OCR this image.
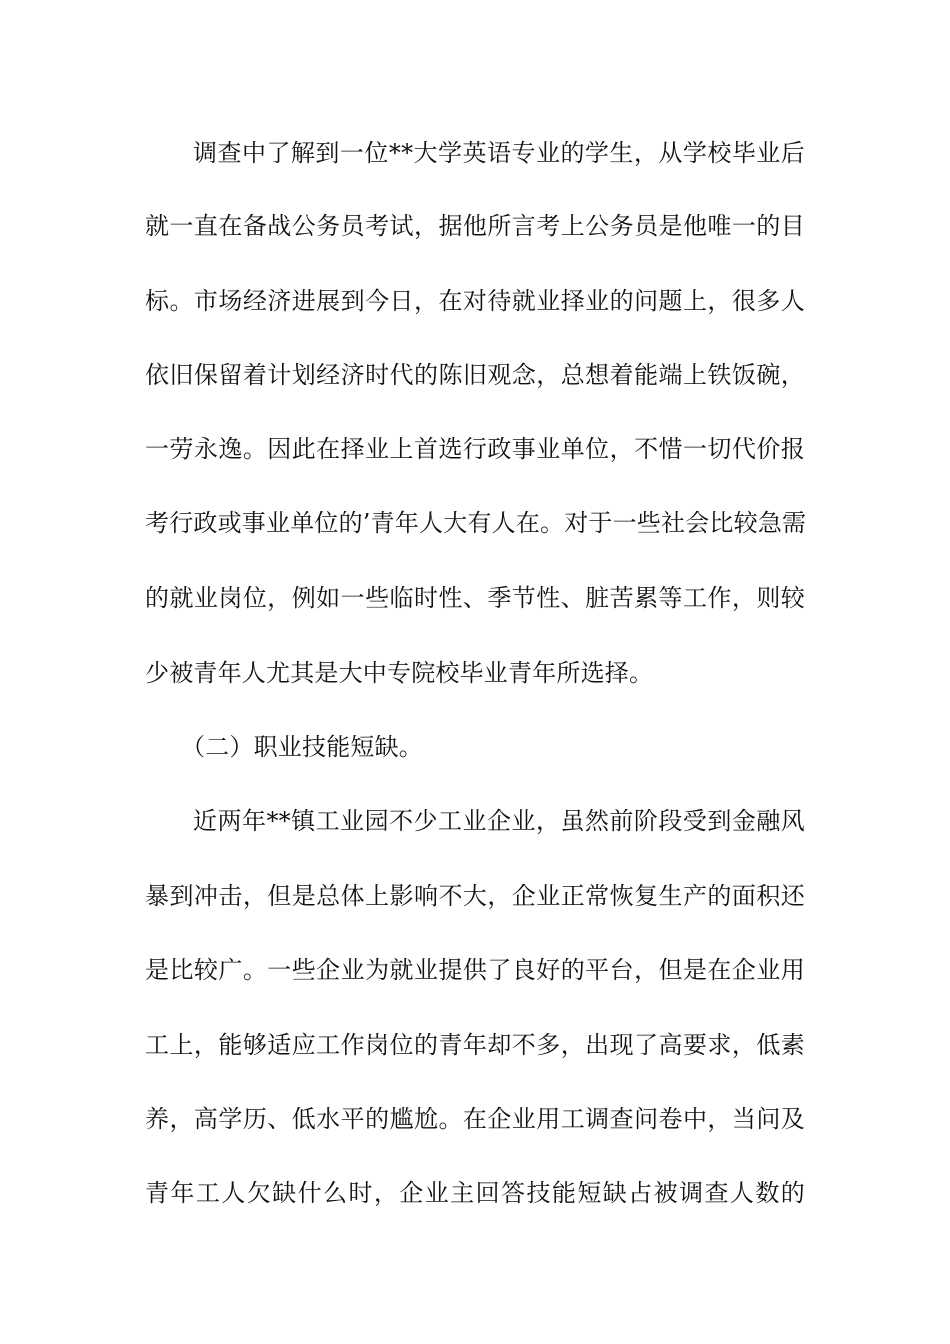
调查中了解到一位**大学英语专业的学生，从学校毕业后
就一直在备战公务员考试，据他所言考上公务员是他唯一的目
标。市场经济进展到今日，在对待就业择业的问题上，很多人
依旧保留着计划经济时代的陈旧观念，总想着能端上铁饭碗，
一劳永逸。因此在择业上首选行政事业单位，不惜一切代价报
考行政或事业单位的’青年人大有人在。对于一些社会比较急需
的就业岗位，例如一些临时性、季节性、脏苦累等工作，则较
少被青年人尤其是大中专院校毕业青年所选择。
（二）职业技能短缺。
近两年**镇工业园不少工业企业，虽然前阶段受到金融风
暴到冲击，但是总体上影响不大，企业正常恢复生产的面积还
是比较广。一些企业为就业提供了良好的平台，但是在企业用
工上，能够适应工作岗位的青年却不多，出现了高要求，低素
养，高学历、低水平的尴尬。在企业用工调查问卷中，当问及
青年工人欠缺什么时，企业主回答技能短缺占被调查人数的
